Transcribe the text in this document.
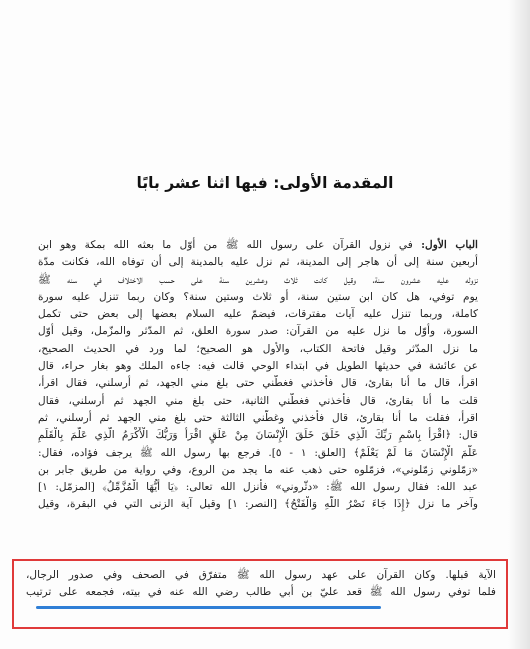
المقدمة الأولى: فيها اثنا عشر بابًا
الباب الأول: في نزول القرآن على رسول الله ﷺ من أوّل ما بعثه الله بمكة وهو ابن
أربعين سنة إلى أن هاجر إلى المدينة، ثم نزل عليه بالمدينة إلى أن توفاه الله، فكانت مدّة
نزوله عليه عشرون سنة، وقيل كانت ثلاث وعشرين سنة على حسب الاختلاف في سنه ﷺ
يوم توفي، هل كان ابن ستين سنة، أو ثلاث وستين سنة؟ وكان ربما تنزل عليه سورة
كاملة، وربما تنزل عليه آيات مفترقات، فيضمّ عليه السلام بعضها إلى بعض حتى تكمل
السورة، وأوّل ما نزل عليه من القرآن: صدر سورة العلق، ثم المدّثر والمزّمل، وقيل أوّل
ما نزل المدّثر وقيل فاتحة الكتاب، والأول هو الصحيح؛ لما ورد في الحديث الصحيح،
عن عائشة في حديثها الطويل في ابتداء الوحي قالت فيه: جاءه الملك وهو بغار حراء، قال
اقرأ، قال ما أنا بقارئ، قال فأخذني فغطّني حتى بلغ مني الجهد، ثم أرسلني، فقال اقرأ،
قلت ما أنا بقارئ، قال فأخذني فغطّني الثانية، حتى بلغ مني الجهد ثم أرسلني، فقال
اقرأ، فقلت ما أنا بقارئ، قال فأخذني وغطّني الثالثة حتى بلغ مني الجهد ثم أرسلني، ثم
قال: ﴿اقْرَأْ بِاسْمِ رَبِّكَ الَّذِي خَلَقَ خَلَقَ الْإِنْسَانَ مِنْ عَلَقٍ اقْرَأْ وَرَبُّكَ الْأَكْرَمُ الَّذِي عَلَّمَ بِالْقَلَمِ
عَلَّمَ الْإِنْسَانَ مَا لَمْ يَعْلَمْ﴾ [العلق: ١ - ٥]. فرجع بها رسول الله ﷺ يرجف فؤاده، فقال:
«زمّلوني زمّلوني»، فزمّلوه حتى ذهب عنه ما يجد من الروع، وفي رواية من طريق جابر بن
عبد الله: فقال رسول الله ﷺ: «دثّروني» فأنزل الله تعالى: ﴿يَا أَيُّهَا الْمُزَّمِّلُ﴾ [المزمّل: ١]
وآخر ما نزل ﴿إِذَا جَاءَ نَصْرُ اللَّهِ وَالْفَتْحُ﴾ [النصر: ١] وقيل آية الزنى التي في البقرة، وقيل
الآية قبلها. وكان القرآن على عهد رسول الله ﷺ متفرّق في الصحف وفي صدور الرجال،
فلما توفي رسول الله ﷺ قعد عليّ بن أبي طالب رضي الله عنه في بيته، فجمعه على ترتيب
